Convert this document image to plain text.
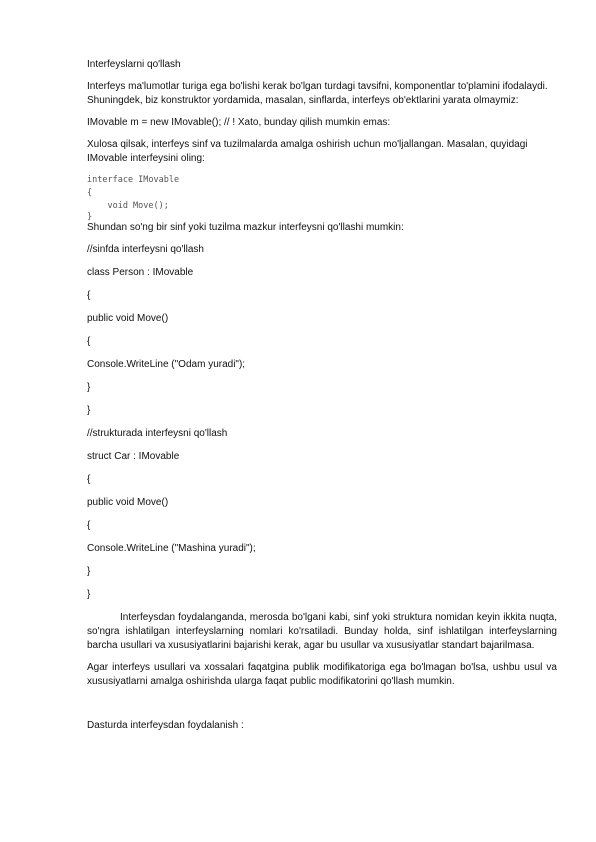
Interfeyslarni qo'llash

Interfeys ma'lumotlar turiga ega bo'lishi kerak bo'lgan turdagi tavsifni, komponentlar to'plamini ifodalaydi. Shuningdek, biz konstruktor yordamida, masalan, sinflarda, interfeys ob'ektlarini yarata olmaymiz:

IMovable m = new IMovable(); // ! Xato, bunday qilish mumkin emas:

Xulosa qilsak, interfeys sinf va tuzilmalarda amalga oshirish uchun mo'ljallangan. Masalan, quyidagi IMovable interfeysini oling:

interface IMovable

{

void Move();

}

Shundan so'ng bir sinf yoki tuzilma mazkur interfeysni qo'llashi mumkin:

//sinfda interfeysni qo'llash

class Person : IMovable

{

public void Move()

{

Console.WriteLine ("Odam yuradi");

}

}

//strukturada interfeysni qo'llash

struct Car : IMovable

{

public void Move()

{

Console.WriteLine ("Mashina yuradi");

}

}

Interfeysdan foydalanganda, merosda bo'lgani kabi, sinf yoki struktura nomidan keyin ikkita nuqta, so'ngra ishlatilgan interfeyslarning nomlari ko'rsatiladi. Bunday holda, sinf ishlatilgan interfeyslarning barcha usullari va xususiyatlarini bajarishi kerak, agar bu usullar va xususiyatlar standart bajarilmasa.

Agar interfeys usullari va xossalari faqatgina publik modifikatoriga ega bo'lmagan bo'lsa, ushbu usul va xususiyatlarni amalga oshirishda ularga faqat public modifikatorini qo'llash mumkin.

Dasturda interfeysdan foydalanish :
